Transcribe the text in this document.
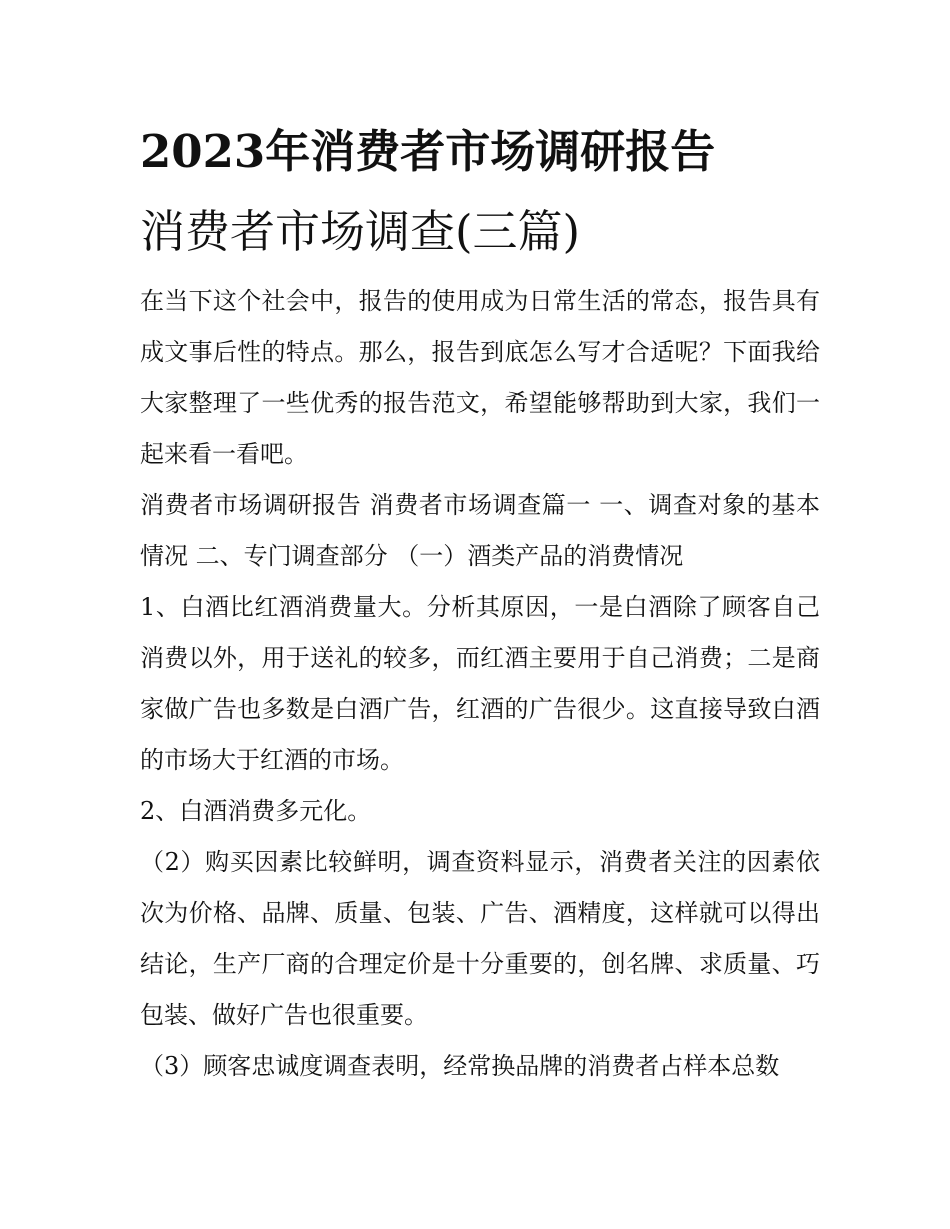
2023年消费者市场调研报告
消费者市场调查(三篇)

在当下这个社会中，报告的使用成为日常生活的常态，报告具有成文事后性的特点。那么，报告到底怎么写才合适呢？下面我给大家整理了一些优秀的报告范文，希望能够帮助到大家，我们一起来看一看吧。

消费者市场调研报告 消费者市场调查篇一 一、调查对象的基本情况 二、专门调查部分 （一）酒类产品的消费情况

1、白酒比红酒消费量大。分析其原因，一是白酒除了顾客自己消费以外，用于送礼的较多，而红酒主要用于自己消费；二是商家做广告也多数是白酒广告，红酒的广告很少。这直接导致白酒的市场大于红酒的市场。

2、白酒消费多元化。

（2）购买因素比较鲜明，调查资料显示，消费者关注的因素依次为价格、品牌、质量、包装、广告、酒精度，这样就可以得出结论，生产厂商的合理定价是十分重要的，创名牌、求质量、巧包装、做好广告也很重要。

（3）顾客忠诚度调查表明，经常换品牌的消费者占样本总数
